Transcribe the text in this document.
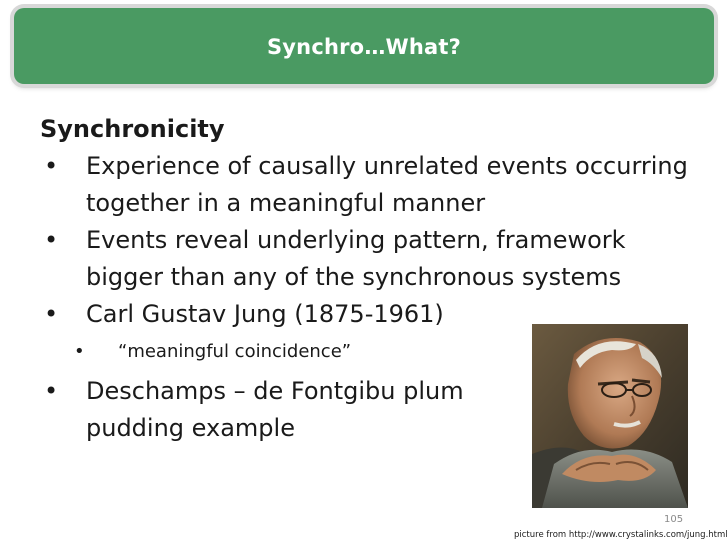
Synchro…What?
Synchronicity
• Experience of causally unrelated events occurring together in a meaningful manner
• Events reveal underlying pattern, framework bigger than any of the synchronous systems
• Carl Gustav Jung (1875-1961)
• “meaningful coincidence”
• Deschamps – de Fontgibu plum pudding example
105
picture from http://www.crystalinks.com/jung.html
